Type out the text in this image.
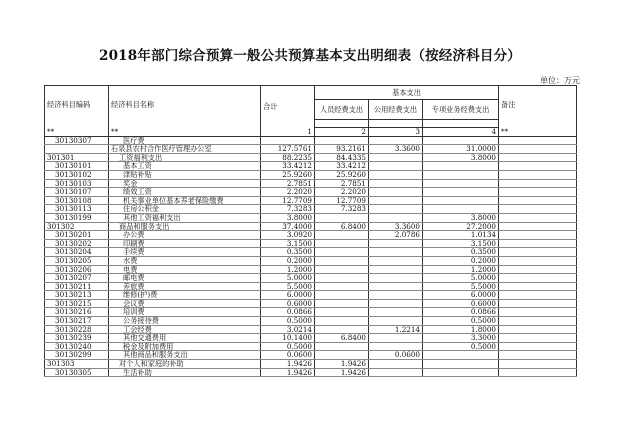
2018年部门综合预算一般公共预算基本支出明细表（按经济科目分）
单位：万元
经济科目编码	经济科目名称	合计	基本支出			备注

			人员经费支出	公用经费支出	专项业务经费支出	

**	**	1	2	3	4	**
30130307	医疗费					
	石泉县农村合作医疗管理办公室	127.5761	93.2161	3.3600	31.0000	
301301	工资福利支出	88.2235	84.4335		3.8000	
30130101	基本工资	33.4212	33.4212			
30130102	津贴补贴	25.9260	25.9260			
30130103	奖金	2.7851	2.7851			
30130107	绩效工资	2.2020	2.2020			
30130108	机关事业单位基本养老保险缴费	12.7709	12.7709			
30130113	住房公积金	7.3283	7.3283			
30130199	其他工资福利支出	3.8000			3.8000	
301302	商品和服务支出	37.4000	6.8400	3.3600	27.2000	
30130201	办公费	3.0920		2.0786	1.0134	
30130202	印刷费	3.1500			3.1500	
30130204	手续费	0.3500			0.3500	
30130205	水费	0.2000			0.2000	
30130206	电费	1.2000			1.2000	
30130207	邮电费	5.0000			5.0000	
30130211	差旅费	5.5000			5.5000	
30130213	维修(护)费	6.0000			6.0000	
30130215	会议费	0.6000			0.6000	
30130216	培训费	0.0866			0.0866	
30130217	公务接待费	0.5000			0.5000	
30130228	工会经费	3.0214		1.2214	1.8000	
30130239	其他交通费用	10.1400	6.8400		3.3000	
30130240	税金及附加费用	0.5000			0.5000	
30130299	其他商品和服务支出	0.0600		0.0600		
301303	对个人和家庭的补助	1.9426	1.9426			
30130305	生活补助	1.9426	1.9426			
